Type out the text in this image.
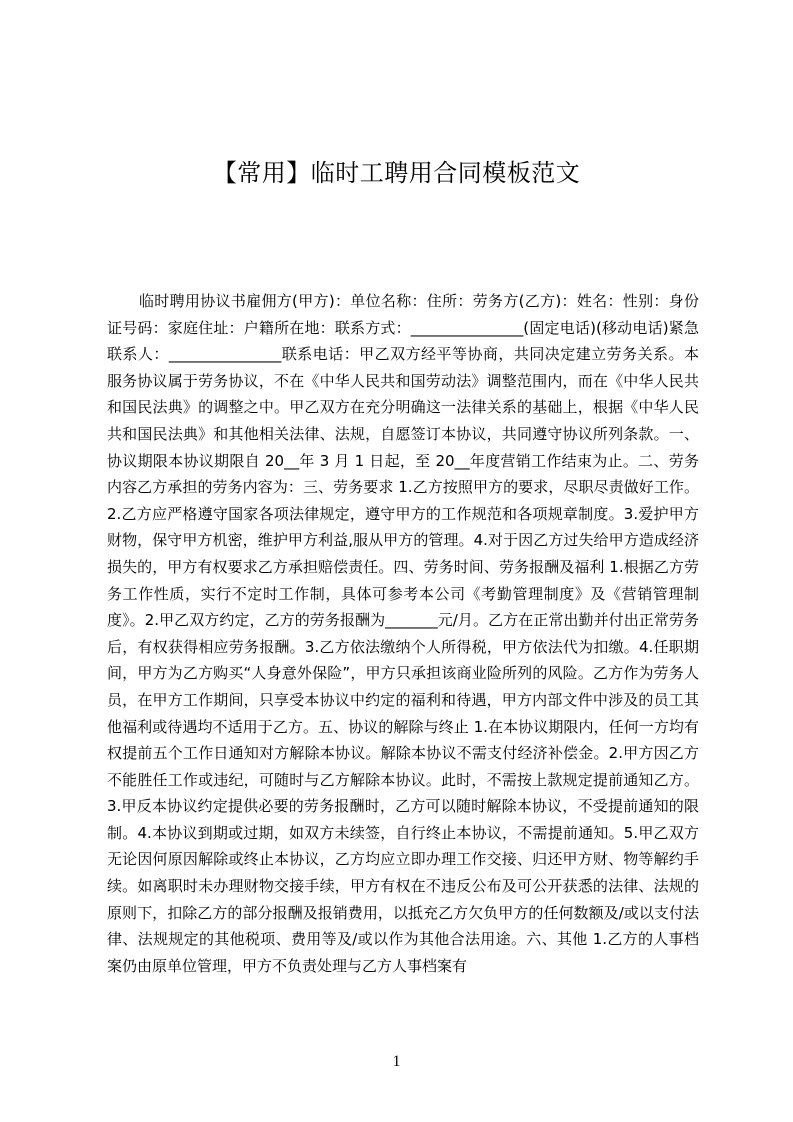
【常用】临时工聘用合同模板范文

临时聘用协议书雇佣方(甲方)：单位名称：住所：劳务方(乙方)：姓名：性别：身份证号码：家庭住址：户籍所在地：联系方式：_______________(固定电话)(移动电话)紧急联系人：_______________联系电话：甲乙双方经平等协商，共同决定建立劳务关系。本服务协议属于劳务协议，不在《中华人民共和国劳动法》调整范围内，而在《中华人民共和国民法典》的调整之中。甲乙双方在充分明确这一法律关系的基础上，根据《中华人民共和国民法典》和其他相关法律、法规，自愿签订本协议，共同遵守协议所列条款。一、协议期限本协议期限自 20__年 3 月 1 日起，至 20__年度营销工作结束为止。二、劳务内容乙方承担的劳务内容为：三、劳务要求 1.乙方按照甲方的要求，尽职尽责做好工作。2.乙方应严格遵守国家各项法律规定，遵守甲方的工作规范和各项规章制度。3.爱护甲方财物，保守甲方机密，维护甲方利益,服从甲方的管理。4.对于因乙方过失给甲方造成经济损失的，甲方有权要求乙方承担赔偿责任。四、劳务时间、劳务报酬及福利 1.根据乙方劳务工作性质，实行不定时工作制，具体可参考本公司《考勤管理制度》及《营销管理制度》。2.甲乙双方约定，乙方的劳务报酬为_______元/月。乙方在正常出勤并付出正常劳务后，有权获得相应劳务报酬。3.乙方依法缴纳个人所得税，甲方依法代为扣缴。4.任职期间，甲方为乙方购买“人身意外保险”，甲方只承担该商业险所列的风险。乙方作为劳务人员，在甲方工作期间，只享受本协议中约定的福利和待遇，甲方内部文件中涉及的员工其他福利或待遇均不适用于乙方。五、协议的解除与终止 1.在本协议期限内，任何一方均有权提前五个工作日通知对方解除本协议。解除本协议不需支付经济补偿金。2.甲方因乙方不能胜任工作或违纪，可随时与乙方解除本协议。此时，不需按上款规定提前通知乙方。3.甲反本协议约定提供必要的劳务报酬时，乙方可以随时解除本协议，不受提前通知的限制。4.本协议到期或过期，如双方未续签，自行终止本协议，不需提前通知。5.甲乙双方无论因何原因解除或终止本协议，乙方均应立即办理工作交接、归还甲方财、物等解约手续。如离职时未办理财物交接手续，甲方有权在不违反公布及可公开获悉的法律、法规的原则下，扣除乙方的部分报酬及报销费用，以抵充乙方欠负甲方的任何数额及/或以支付法律、法规规定的其他税项、费用等及/或以作为其他合法用途。六、其他 1.乙方的人事档案仍由原单位管理，甲方不负责处理与乙方人事档案有

1
